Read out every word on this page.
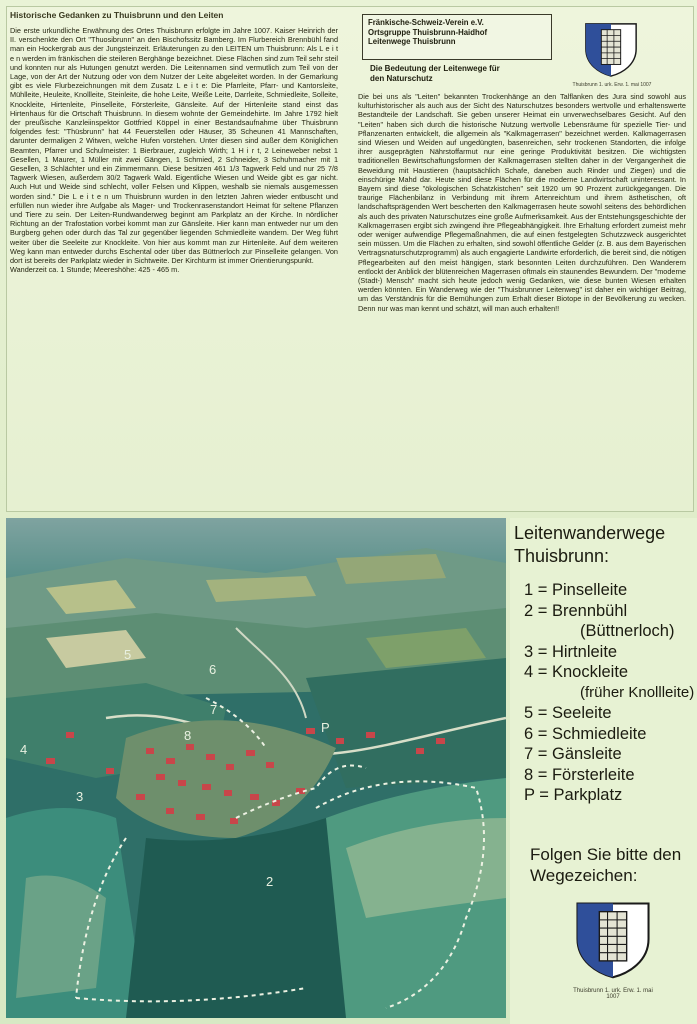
Historische Gedanken zu Thuisbrunn und den Leiten

Die erste urkundliche Erwähnung des Ortes Thuisbrunn erfolgte im Jahre 1007. Kaiser Heinrich der II. verschenkte den Ort "Thuosibrunn" an den Bischofssitz Bamberg. Im Flurbereich Brennbühl fand man ein Hockergrab aus der Jungsteinzeit. Erläuterungen zu den LEITEN um Thuisbrunn: Als L e i t e n werden im fränkischen die steileren Berghänge bezeichnet. Diese Flächen sind zum Teil sehr steil und konnten nur als Hutungen genutzt werden. Die Leitennamen sind vermutlich zum Teil von der Lage, von der Art der Nutzung oder von dem Nutzer der Leite abgeleitet worden. In der Gemarkung gibt es viele Flurbezeichnungen mit dem Zusatz L e i t e: Die Pfarrleite, Pfarr- und Kantorsleite, Mühlleite, Heuleite, Knollleite, Steinleite, die hohe Leite, Weiße Leite, Darrleite, Schmiedleite, Solleite, Knockleite, Hirtenleite, Pinselleite, Försterleite, Gänsleite. Auf der Hirtenleite stand einst das Hirtenhaus für die Ortschaft Thuisbrunn. In diesem wohnte der Gemeindehirte. Im Jahre 1792 hielt der preußische Kanzleiinspektor Gottfried Köppel in einer Bestandsaufnahme über Thuisbrunn folgendes fest: "Thüsbrunn" hat 44 Feuerstellen oder Häuser, 35 Scheunen 41 Mannschaften, darunter dermaligen 2 Witwen, welche Hufen vorstehen. Unter diesen sind außer dem Königlichen Beamten, Pfarrer und Schulmeister: 1 Bierbrauer, zugleich Wirth; 1 H i r t, 2 Leineweber nebst 1 Gesellen, 1 Maurer, 1 Müller mit zwei Gängen, 1 Schmied, 2 Schneider, 3 Schuhmacher mit 1 Gesellen, 3 Schlächter und ein Zimmermann. Diese besitzen 461 1/3 Tagwerk Feld und nur 25 7/8 Tagwerk Wiesen, außerdem 30/2 Tagwerk Wald. Eigentliche Wiesen und Weide gibt es gar nicht. Auch Hut und Weide sind schlecht, voller Felsen und Klippen, weshalb sie niemals ausgemessen worden sind." Die L e i t e n um Thuisbrunn wurden in den letzten Jahren wieder entbuscht und erfüllen nun wieder ihre Aufgabe als Mager- und Trockenrasenstandort Heimat für seltene Pflanzen und Tiere zu sein. Der Leiten-Rundwanderweg beginnt am Parkplatz an der Kirche. In nördlicher Richtung an der Trafostation vorbei kommt man zur Gänsleite. Hier kann man entweder nur um den Burgberg gehen oder durch das Tal zur gegenüber liegenden Schmiedleite wandern. Der Weg führt weiter über die Seeleite zur Knockleite. Von hier aus kommt man zur Hirtenleite. Auf dem weiteren Weg kann man entweder durchs Eschental oder über das Büttnerloch zur Pinselleite gelangen. Von dort ist bereits der Parkplatz wieder in Sichtweite. Der Kirchturm ist immer Orientierungspunkt.

Wanderzeit ca. 1 Stunde; Meereshöhe: 425 - 465 m.

Fränkische-Schweiz-Verein e.V.
Ortsgruppe Thuisbrunn-Haidhof
Leitenwege Thuisbrunn
Die Bedeutung der Leitenwege für
den Naturschutz
Thuisbrunn 1. urk. Erw. 1. mai 1007

Die bei uns als "Leiten" bekannten Trockenhänge an den Talflanken des Jura sind sowohl aus kulturhistorischer als auch aus der Sicht des Naturschutzes besonders wertvolle und erhaltenswerte Bestandteile der Landschaft. Sie geben unserer Heimat ein unverwechselbares Gesicht. Auf den "Leiten" haben sich durch die historische Nutzung wertvolle Lebensräume für spezielle Tier- und Pflanzenarten entwickelt, die allgemein als "Kalkmagerrasen" bezeichnet werden. Kalkmagerrasen sind Wiesen und Weiden auf ungedüngten, basenreichen, sehr trockenen Standorten, die infolge ihrer ausgeprägten Nährstoffarmut nur eine geringe Produktivität besitzen. Die wichtigsten traditionellen Bewirtschaftungsformen der Kalkmagerrasen stellten daher in der Vergangenheit die Beweidung mit Haustieren (hauptsächlich Schafe, daneben auch Rinder und Ziegen) und die einschürige Mahd dar. Heute sind diese Flächen für die moderne Landwirtschaft uninteressant. In Bayern sind diese "ökologischen Schatzkistchen" seit 1920 um 90 Prozent zurückgegangen. Die traurige Flächenbilanz in Verbindung mit ihrem Artenreichtum und ihrem ästhetischen, oft landschaftsprägenden Wert bescherten den Kalkmagerrasen heute sowohl seitens des behördlichen als auch des privaten Naturschutzes eine große Aufmerksamkeit. Aus der Entstehungsgeschichte der Kalkmagerrasen ergibt sich zwingend ihre Pflegeabhängigkeit. Ihre Erhaltung erfordert zumeist mehr oder weniger aufwendige Pflegemaßnahmen, die auf einen festgelegten Schutzzweck ausgerichtet sein müssen. Um die Flächen zu erhalten, sind sowohl öffentliche Gelder (z. B. aus dem Bayerischen Vertragsnaturschutzprogramm) als auch engagierte Landwirte erforderlich, die bereit sind, die nötigen Pflegearbeiten auf den meist hängigen, stark besonnten Leiten durchzuführen. Den Wanderern entlockt der Anblick der blütenreichen Magerrasen oftmals ein staunendes Bewundern. Der "moderne (Stadt-) Mensch" macht sich heute jedoch wenig Gedanken, wie diese bunten Wiesen erhalten werden könnten. Ein Wanderweg wie der "Thuisbrunner Leitenweg" ist daher ein wichtiger Beitrag, um das Verständnis für die Bemühungen zum Erhalt dieser Biotope in der Bevölkerung zu wecken. Denn nur was man kennt und schätzt, will man auch erhalten!!

5
6
7
8
4
3
2
P
Leitenwanderwege Thuisbrunn:
1 = Pinselleite
2 = Brennbühl
(Büttnerloch)
3 = Hirtnleite
4 = Knockleite
(früher Knollleite)
5 = Seeleite
6 = Schmiedleite
7 = Gänsleite
8 = Försterleite
P = Parkplatz
Folgen Sie bitte den Wegezeichen:
Thuisbrunn 1. urk. Erw. 1. mai 1007
